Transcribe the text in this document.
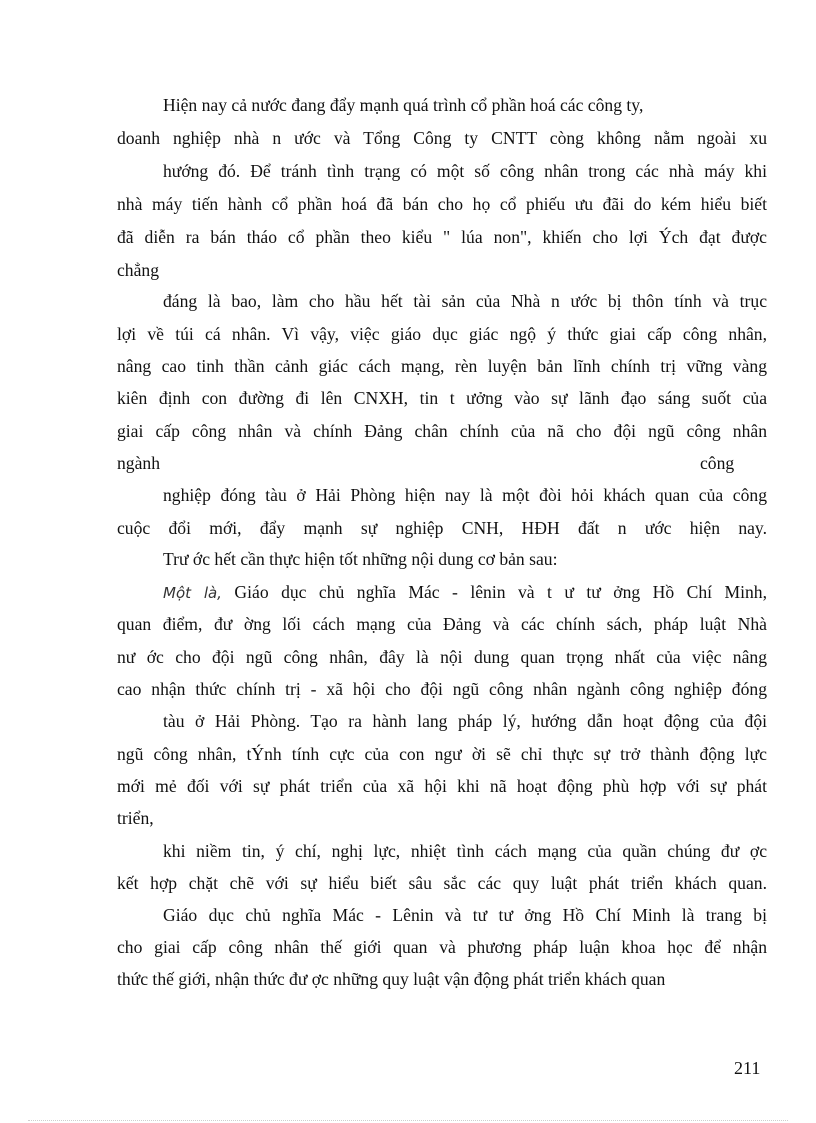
Hiện nay cả nước đang đẩy mạnh quá trình cổ phần hoá các công ty,
doanh nghiệp nhà n ước và Tổng Công ty CNTT còng không nằm ngoài xu
hướng đó. Để tránh tình trạng có một số công nhân trong các nhà máy khi
nhà máy tiến hành cổ phần hoá đã bán cho họ cổ phiếu ưu đãi do kém hiểu biết
đã diễn ra bán tháo cổ phần theo kiểu " lúa non", khiến cho lợi Ých đạt được
chẳng
đáng là bao, làm cho hầu hết tài sản của Nhà n ước bị thôn tính và trục
lợi về túi cá nhân. Vì vậy, việc giáo dục giác ngộ ý thức giai cấp công nhân,
nâng cao tinh thần cảnh giác cách mạng, rèn luyện bản lĩnh chính trị vững vàng
kiên định con đường đi lên CNXH, tin t ưởng vào sự lãnh đạo sáng suốt của
giai cấp công nhân và chính Đảng chân chính của nã cho đội ngũ công nhân
ngành	công
nghiệp đóng tàu ở Hải Phòng hiện nay là một đòi hỏi khách quan của công
cuộc đổi mới, đẩy mạnh sự nghiệp CNH, HĐH đất n ước hiện nay.
Trư ớc hết cần thực hiện tốt những nội dung cơ bản sau:
Một là, Giáo dục chủ nghĩa Mác - lênin và t ư tư ởng Hồ Chí Minh,
quan điểm, đư ờng lối cách mạng của Đảng và các chính sách, pháp luật Nhà
nư ớc cho đội ngũ công nhân, đây là nội dung quan trọng nhất của việc nâng
cao nhận thức chính trị - xã hội cho đội ngũ công nhân ngành công nghiệp đóng
tàu ở Hải Phòng. Tạo ra hành lang pháp lý, hướng dẫn hoạt động của đội
ngũ công nhân, tÝnh tính cực của con ngư ời sẽ chỉ thực sự trở thành động lực
mới mẻ đối với sự phát triển của xã hội khi nã hoạt động phù hợp với sự phát
triển,
khi niềm tin, ý chí, nghị lực, nhiệt tình cách mạng của quần chúng đư ợc
kết hợp chặt chẽ với sự hiểu biết sâu sắc các quy luật phát triển khách quan.
Giáo dục chủ nghĩa Mác - Lênin và tư tư ởng Hồ Chí Minh là trang bị
cho giai cấp công nhân thế giới quan và phương pháp luận khoa học để nhận
thức thế giới, nhận thức đư ợc những quy luật vận động phát triển khách quan
211
